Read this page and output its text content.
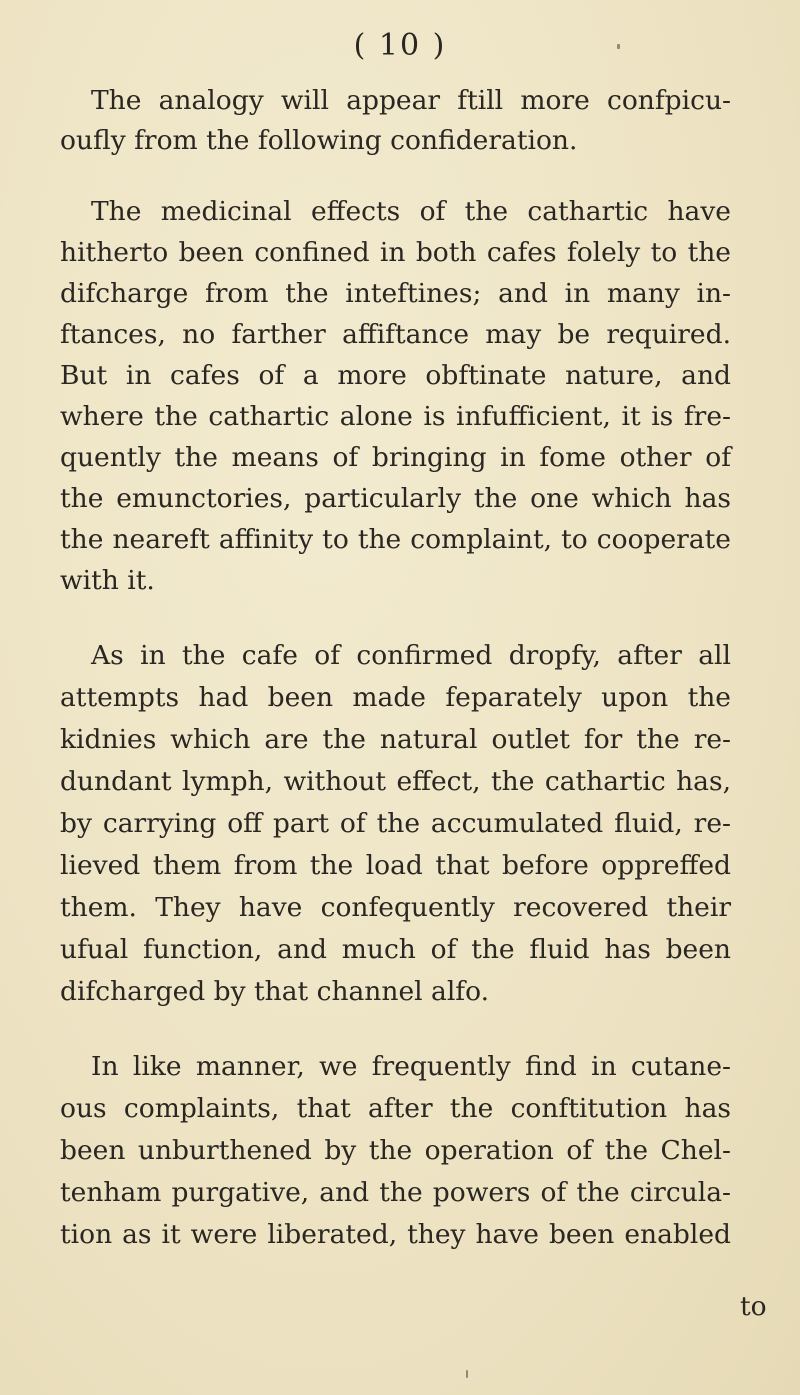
( 10 )
The analogy will appear ftill more confpicu-
oufly from the following confideration.
The medicinal effects of the cathartic have
hitherto been confined in both cafes folely to the
difcharge from the inteftines; and in many in-
ftances, no farther affiftance may be required.
But in cafes of a more obftinate nature, and
where the cathartic alone is infufficient, it is fre-
quently the means of bringing in fome other of
the emunctories, particularly the one which has
the neareft affinity to the complaint, to cooperate
with it.
As in the cafe of confirmed dropfy, after all
attempts had been made feparately upon the
kidnies which are the natural outlet for the re-
dundant lymph, without effect, the cathartic has,
by carrying off part of the accumulated fluid, re-
lieved them from the load that before oppreffed
them. They have confequently recovered their
ufual function, and much of the fluid has been
difcharged by that channel alfo.
In like manner, we frequently find in cutane-
ous complaints, that after the conftitution has
been unburthened by the operation of the Chel-
tenham purgative, and the powers of the circula-
tion as it were liberated, they have been enabled
to
